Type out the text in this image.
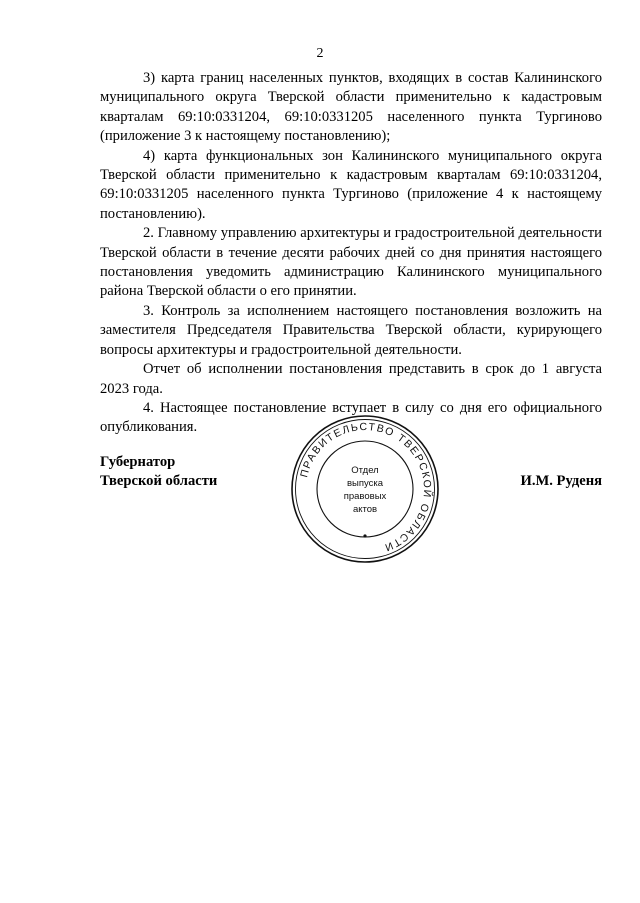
2

3) карта границ населенных пунктов, входящих в состав Калининского муниципального округа Тверской области применительно к кадастровым кварталам 69:10:0331204, 69:10:0331205 населенного пункта Тургиново (приложение 3 к настоящему постановлению);

4) карта функциональных зон Калининского муниципального округа Тверской области применительно к кадастровым кварталам 69:10:0331204, 69:10:0331205 населенного пункта Тургиново (приложение 4 к настоящему постановлению).

2. Главному управлению архитектуры и градостроительной деятельности Тверской области в течение десяти рабочих дней со дня принятия настоящего постановления уведомить администрацию Калининского муниципального района Тверской области о его принятии.

3. Контроль за исполнением настоящего постановления возложить на заместителя Председателя Правительства Тверской области, курирующего вопросы архитектуры и градостроительной деятельности.

Отчет об исполнении постановления представить в срок до 1 августа 2023 года.

4. Настоящее постановление вступает в силу со дня его официального опубликования.

Губернатор
Тверской области	И.М. Руденя
ПРАВИТЕЛЬСТВО ТВЕРСКОЙ ОБЛАСТИ
Отдел
выпуска
правовых
актов
